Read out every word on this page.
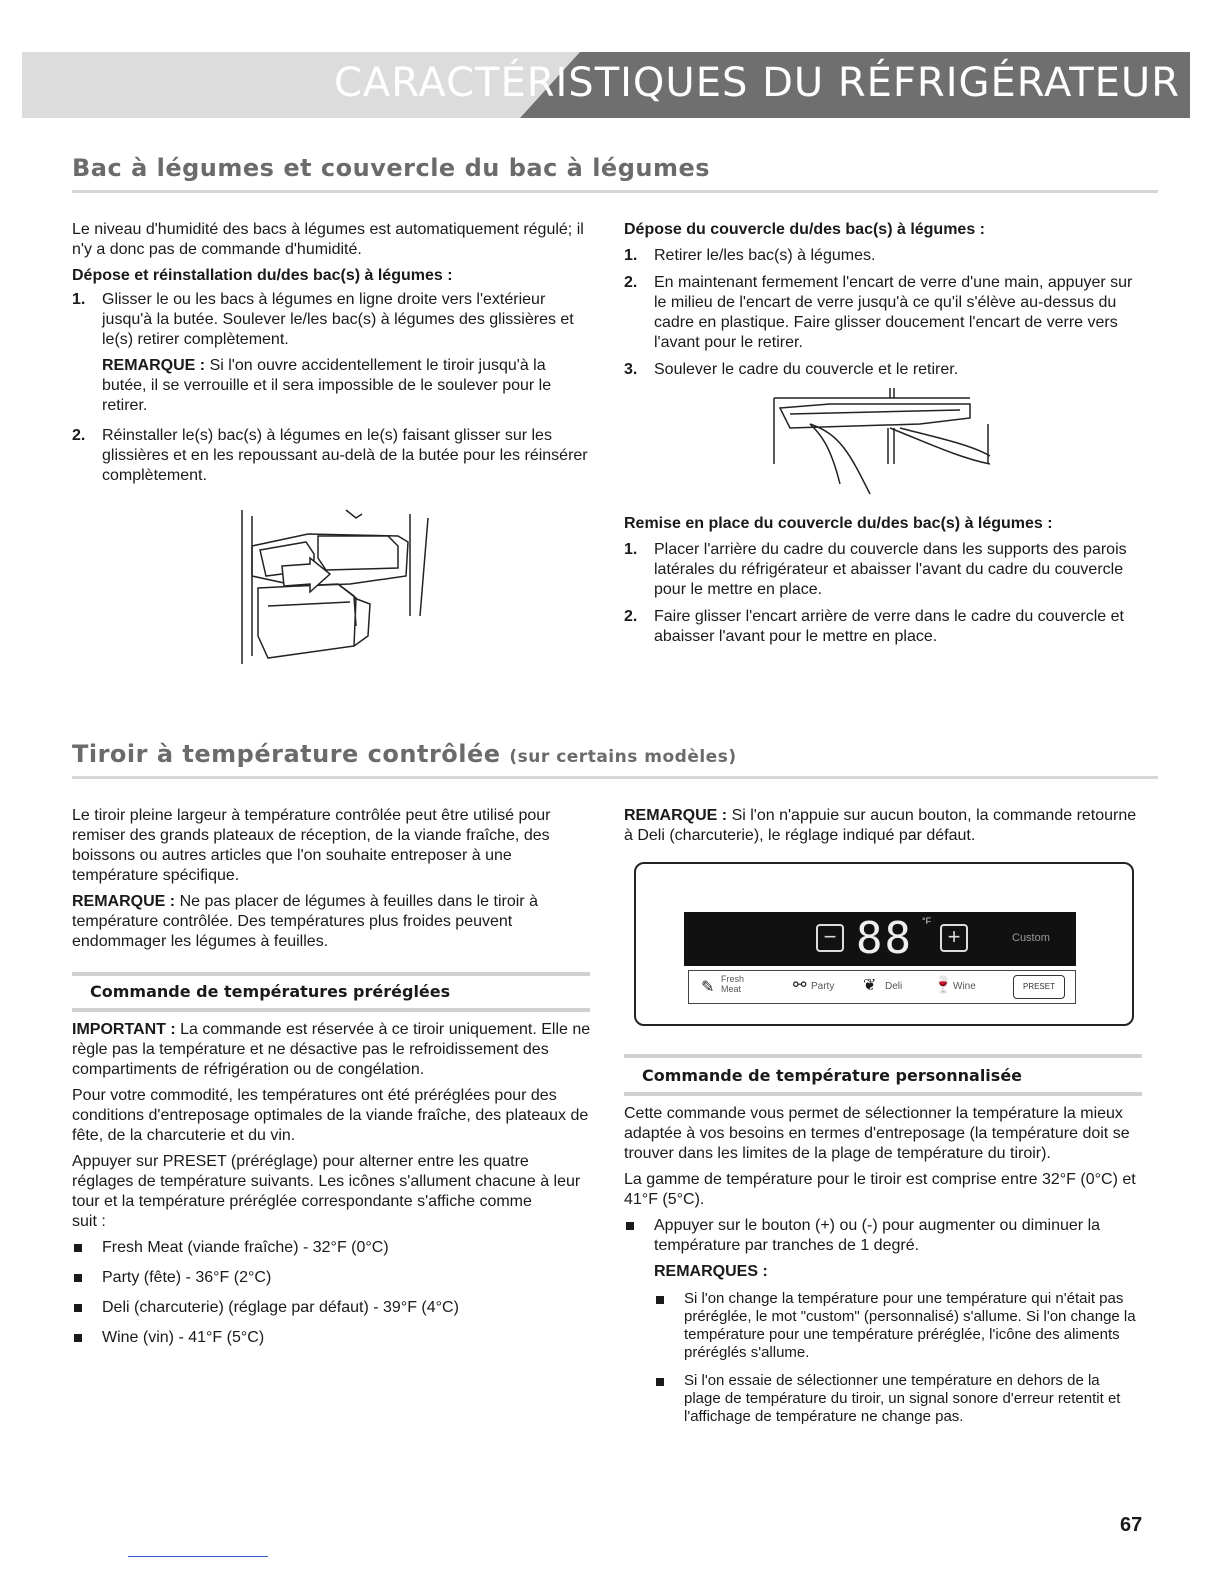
CARACTÉRISTIQUES DU RÉFRIGÉRATEUR
Bac à légumes et couvercle du bac à légumes

Le niveau d'humidité des bacs à légumes est automatiquement régulé; il n'y a donc pas de commande d'humidité.

Dépose et réinstallation du/des bac(s) à légumes :

1. Glisser le ou les bacs à légumes en ligne droite vers l'extérieur jusqu'à la butée. Soulever le/les bac(s) à légumes des glissières et le(s) retirer complètement.

REMARQUE : Si l'on ouvre accidentellement le tiroir jusqu'à la butée, il se verrouille et il sera impossible de le soulever pour le retirer.

2. Réinstaller le(s) bac(s) à légumes en le(s) faisant glisser sur les glissières et en les repoussant au-delà de la butée pour les réinsérer complètement.

Dépose du couvercle du/des bac(s) à légumes :

1. Retirer le/les bac(s) à légumes.
2. En maintenant fermement l'encart de verre d'une main, appuyer sur le milieu de l'encart de verre jusqu'à ce qu'il s'élève au-dessus du cadre en plastique. Faire glisser doucement l'encart de verre vers l'avant pour le retirer.
3. Soulever le cadre du couvercle et le retirer.

Remise en place du couvercle du/des bac(s) à légumes :

1. Placer l'arrière du cadre du couvercle dans les supports des parois latérales du réfrigérateur et abaisser l'avant du cadre du couvercle pour le mettre en place.
2. Faire glisser l'encart arrière de verre dans le cadre du couvercle et abaisser l'avant pour le mettre en place.
Tiroir à température contrôlée (sur certains modèles)

Le tiroir pleine largeur à température contrôlée peut être utilisé pour remiser des grands plateaux de réception, de la viande fraîche, des boissons ou autres articles que l'on souhaite entreposer à une température spécifique.

REMARQUE : Ne pas placer de légumes à feuilles dans le tiroir à température contrôlée. Des températures plus froides peuvent endommager les légumes à feuilles.

Commande de températures préréglées

IMPORTANT : La commande est réservée à ce tiroir uniquement. Elle ne règle pas la température et ne désactive pas le refroidissement des compartiments de réfrigération ou de congélation.

Pour votre commodité, les températures ont été préréglées pour des conditions d'entreposage optimales de la viande fraîche, des plateaux de fête, de la charcuterie et du vin.

Appuyer sur PRESET (préréglage) pour alterner entre les quatre réglages de température suivants. Les icônes s'allument chacune à leur tour et la température préréglée correspondante s'affiche comme

suit :

Fresh Meat (viande fraîche) - 32°F (0°C)
Party (fête) - 36°F (2°C)
Deli (charcuterie) (réglage par défaut) - 39°F (4°C)
Wine (vin) - 41°F (5°C)

REMARQUE : Si l'on n'appuie sur aucun bouton, la commande retourne à Deli (charcuterie), le réglage indiqué par défaut.

− 88 °F
+	Custom
✎ Fresh Meat	⚯ Party ❦ Deli 🍷 Wine	PRESET
Commande de température personnalisée

Cette commande vous permet de sélectionner la température la mieux adaptée à vos besoins en termes d'entreposage (la température doit se trouver dans les limites de la plage de température du tiroir).

La gamme de température pour le tiroir est comprise entre 32°F (0°C) et 41°F (5°C).

Appuyer sur le bouton (+) ou (-) pour augmenter ou diminuer la température par tranches de 1 degré.

REMARQUES :

Si l'on change la température pour une température qui n'était pas préréglée, le mot "custom" (personnalisé) s'allume. Si l'on change la température pour une température préréglée, l'icône des aliments préréglés s'allume.
Si l'on essaie de sélectionner une température en dehors de la plage de température du tiroir, un signal sonore d'erreur retentit et l'affichage de température ne change pas.
67
